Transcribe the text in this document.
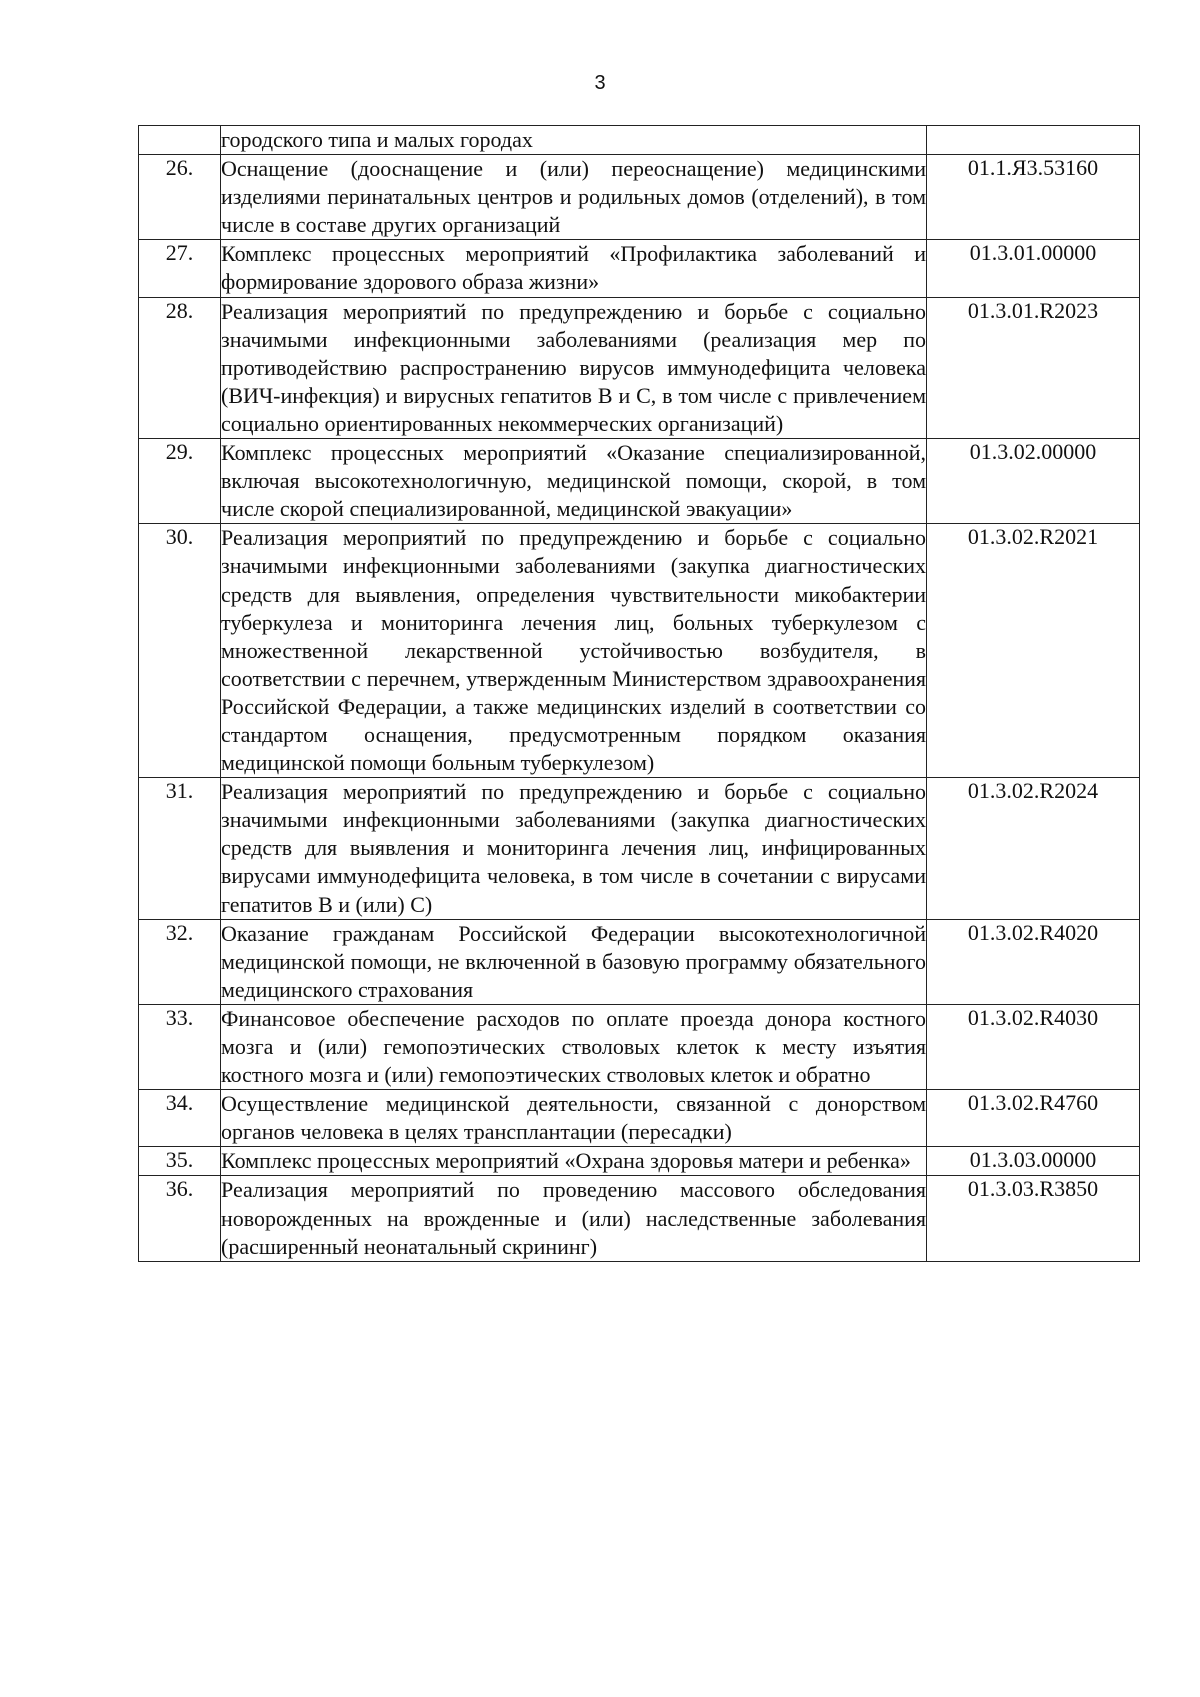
3
	городского типа и малых городах	
26.	Оснащение (дооснащение и (или) переоснащение) медицинскими изделиями перинатальных центров и родильных домов (отделений), в том числе в составе других организаций	01.1.Я3.53160
27.	Комплекс процессных мероприятий «Профилактика заболеваний и формирование здорового образа жизни»	01.3.01.00000
28.	Реализация мероприятий по предупреждению и борьбе с социально значимыми инфекционными заболеваниями (реализация мер по противодействию распространению вирусов иммунодефицита человека (ВИЧ-инфекция) и вирусных гепатитов В и С, в том числе с привлечением социально ориентированных некоммерческих организаций)	01.3.01.R2023
29.	Комплекс процессных мероприятий «Оказание специализированной, включая высокотехнологичную, медицинской помощи, скорой, в том числе скорой специализированной, медицинской эвакуации»	01.3.02.00000
30.	Реализация мероприятий по предупреждению и борьбе с социально значимыми инфекционными заболеваниями (закупка диагностических средств для выявления, определения чувствительности микобактерии туберкулеза и мониторинга лечения лиц, больных туберкулезом с множественной лекарственной устойчивостью возбудителя, в соответствии с перечнем, утвержденным Министерством здравоохранения Российской Федерации, а также медицинских изделий в соответствии со стандартом оснащения, предусмотренным порядком оказания медицинской помощи больным туберкулезом)	01.3.02.R2021
31.	Реализация мероприятий по предупреждению и борьбе с социально значимыми инфекционными заболеваниями (закупка диагностических средств для выявления и мониторинга лечения лиц, инфицированных вирусами иммунодефицита человека, в том числе в сочетании с вирусами гепатитов В и (или) С)	01.3.02.R2024
32.	Оказание гражданам Российской Федерации высокотехнологичной медицинской помощи, не включенной в базовую программу обязательного медицинского страхования	01.3.02.R4020
33.	Финансовое обеспечение расходов по оплате проезда донора костного мозга и (или) гемопоэтических стволовых клеток к месту изъятия костного мозга и (или) гемопоэтических стволовых клеток и обратно	01.3.02.R4030
34.	Осуществление медицинской деятельности, связанной с донорством органов человека в целях трансплантации (пересадки)	01.3.02.R4760
35.	Комплекс процессных мероприятий «Охрана здоровья матери и ребенка»	01.3.03.00000
36.	Реализация мероприятий по проведению массового обследования новорожденных на врожденные и (или) наследственные заболевания (расширенный неонатальный скрининг)	01.3.03.R3850
